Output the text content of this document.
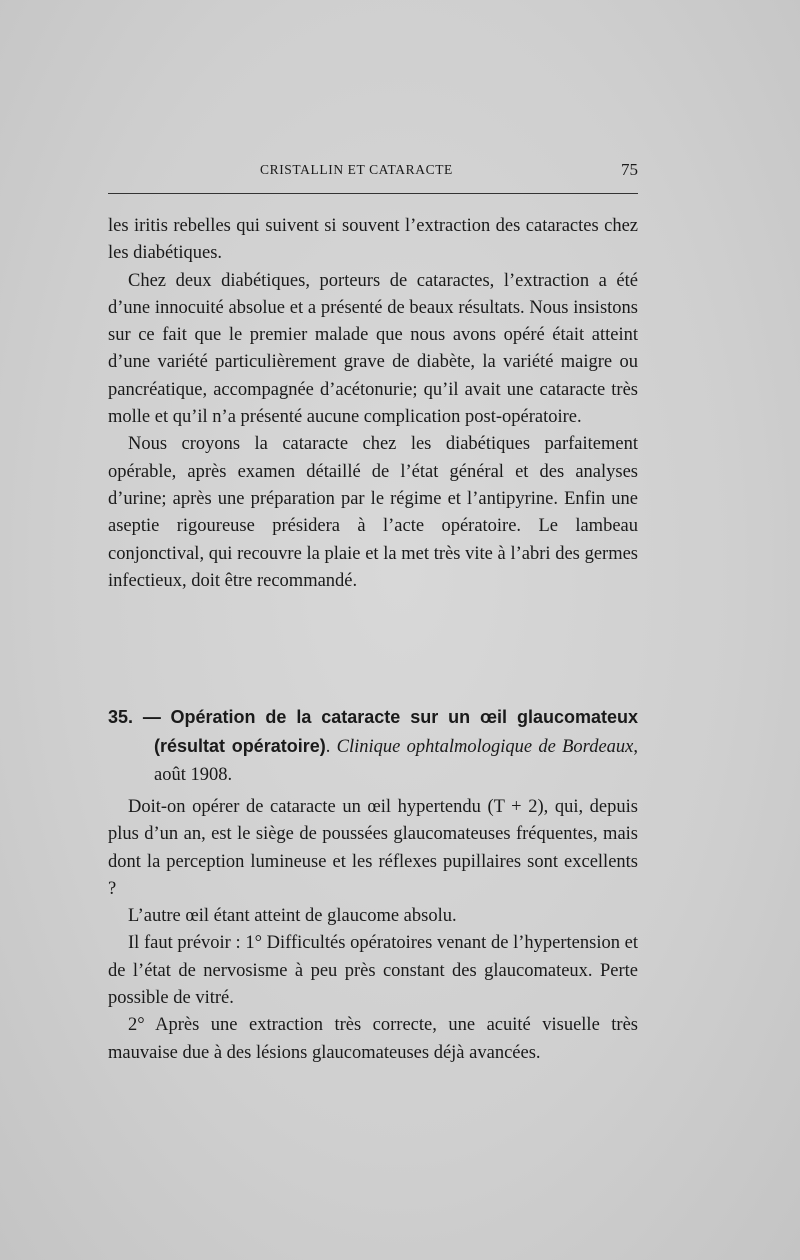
CRISTALLIN ET CATARACTE	75

les iritis rebelles qui suivent si souvent l’extraction des cataractes chez les diabétiques.

Chez deux diabétiques, porteurs de cataractes, l’extraction a été d’une innocuité absolue et a présenté de beaux résultats. Nous insistons sur ce fait que le premier malade que nous avons opéré était atteint d’une variété particulièrement grave de diabète, la variété maigre ou pancréatique, accompagnée d’acétonurie; qu’il avait une cataracte très molle et qu’il n’a présenté aucune complication post-opératoire.

Nous croyons la cataracte chez les diabétiques parfaitement opérable, après examen détaillé de l’état général et des analyses d’urine; après une préparation par le régime et l’antipyrine. Enfin une aseptie rigoureuse présidera à l’acte opératoire. Le lambeau conjonctival, qui recouvre la plaie et la met très vite à l’abri des germes infectieux, doit être recommandé.

35. — Opération de la cataracte sur un œil glaucomateux (résultat opératoire). Clinique ophtalmologique de Bordeaux, août 1908.

Doit-on opérer de cataracte un œil hypertendu (T + 2), qui, depuis plus d’un an, est le siège de poussées glaucomateuses fréquentes, mais dont la perception lumineuse et les réflexes pupillaires sont excellents ?

L’autre œil étant atteint de glaucome absolu.

Il faut prévoir : 1° Difficultés opératoires venant de l’hypertension et de l’état de nervosisme à peu près constant des glaucomateux. Perte possible de vitré.

2° Après une extraction très correcte, une acuité visuelle très mauvaise due à des lésions glaucomateuses déjà avancées.
